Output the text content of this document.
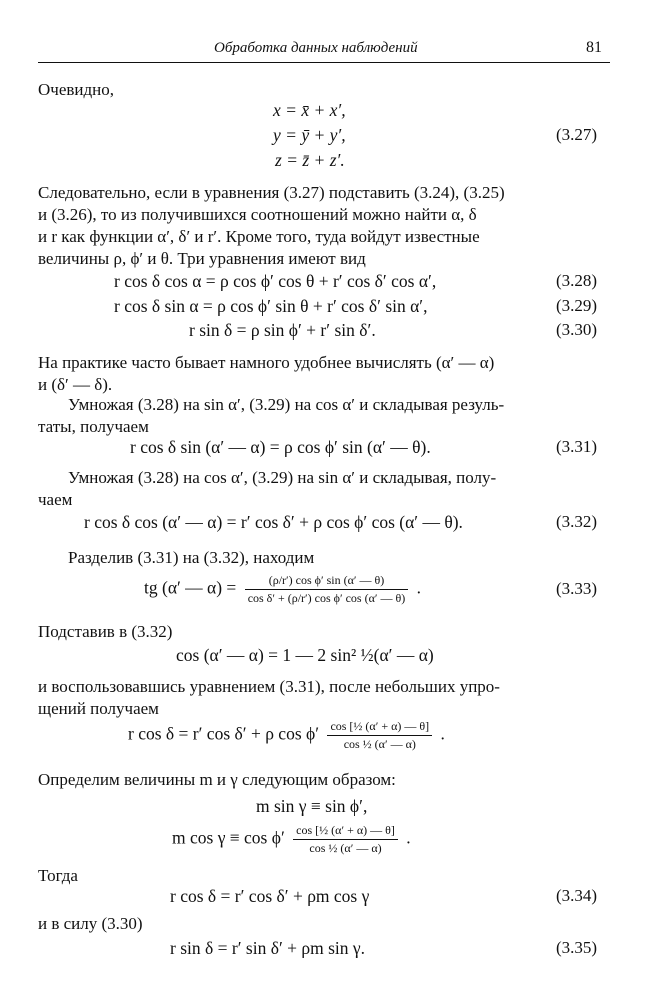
Обработка данных наблюдений	81
Очевидно,
x = x̄ + x′,
y = ȳ + y′,
z = z̄ + z′.
(3.27)
Следовательно, если в уравнения (3.27) подставить (3.24), (3.25)
и (3.26), то из получившихся соотношений можно найти α, δ
и r как функции α′, δ′ и r′. Кроме того, туда войдут известные
величины ρ, ϕ′ и θ. Три уравнения имеют вид
r cos δ cos α = ρ cos ϕ′ cos θ + r′ cos δ′ cos α′,	(3.28)
r cos δ sin α = ρ cos ϕ′ sin θ + r′ cos δ′ sin α′,	(3.29)
r sin δ = ρ sin ϕ′ + r′ sin δ′.	(3.30)
На практике часто бывает намного удобнее вычислять (α′ — α)
и (δ′ — δ).
Умножая (3.28) на sin α′, (3.29) на cos α′ и складывая резуль-
таты, получаем
r cos δ sin (α′ — α) = ρ cos ϕ′ sin (α′ — θ).	(3.31)
Умножая (3.28) на cos α′, (3.29) на sin α′ и складывая, полу-
чаем
r cos δ cos (α′ — α) = r′ cos δ′ + ρ cos ϕ′ cos (α′ — θ).	(3.32)
Разделив (3.31) на (3.32), находим
tg (α′ — $\alpha) = \frac{\text{(ρ/r′) cos ϕ′ sin (α′ — θ)}}{\text{cos δ′ + (ρ/r′) cos ϕ′ cos (α′ — θ)}}$ .	(3.33)
Подставив в (3.32)
cos (α′ — α) = 1 — 2 sin² ½(α′ — α)
и воспользовавшись уравнением (3.31), после небольших упро-
щений получаем
r cos δ = r′ cos δ′ + ρ $\cos \phi' \frac{\text{cos [½ (α′ + α) — θ]}}{\text{cos ½ (α′ — α)}}$ .
Определим величины m и γ следующим образом:
m sin γ ≡ sin ϕ′,
m $\cos \gamma \equiv \cos \phi' \frac{\text{cos [½ (α′ + α) — θ]}}{\text{cos ½ (α′ — α)}}$ .
Тогда
r cos δ = r′ cos δ′ + ρm cos γ	(3.34)
и в силу (3.30)
r sin δ = r′ sin δ′ + ρm sin γ.	(3.35)
